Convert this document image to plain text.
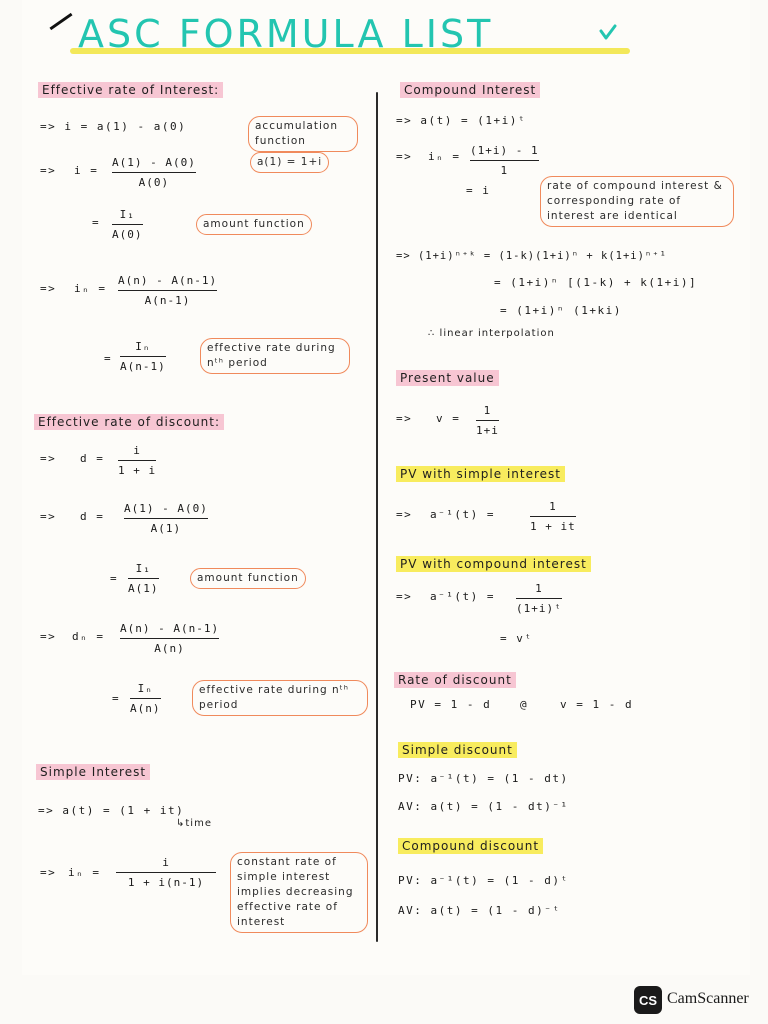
ASC FORMULA LIST
Effective rate of Interest:
=> i = a(1) - a(0)	accumulation function
=> i =
A(1) - A(0)
A(0)
a(1) = 1+i
=
I₁
A(0)
amount function
=> iₙ =
A(n) - A(n-1)
A(n-1)
=
Iₙ
A(n-1)
effective rate during nᵗʰ period
Effective rate of discount:
=> d =
i
1 + i
=> d =
A(1) - A(0)
A(1)
=
I₁
A(1)
amount function
=> dₙ =
A(n) - A(n-1)
A(n)
=
Iₙ
A(n)
effective rate during nᵗʰ period
Simple Interest
=> a(t) = (1 + it)
↳time
=> iₙ =
i
1 + i(n-1)
constant rate of simple interest implies decreasing effective rate of interest
Compound Interest
=> a(t) = (1+i)ᵗ
=> iₙ = (1+i) - 1
1
= i	rate of compound interest & corresponding rate of interest are identical
=> (1+i)ⁿ⁺ᵏ = (1-k)(1+i)ⁿ + k(1+i)ⁿ⁺¹
= (1+i)ⁿ [(1-k) + k(1+i)]
= (1+i)ⁿ (1+ki)
∴ linear interpolation
Present value
=> v =
1
1+i
PV with simple interest
=> a⁻¹(t) =
1
1 + it
PV with compound interest
=> a⁻¹(t) =
1
(1+i)ᵗ
= vᵗ
Rate of discount
PV = 1 - d	@	v = 1 - d
Simple discount
PV: a⁻¹(t) = (1 - dt)
AV: a(t) = (1 - dt)⁻¹
Compound discount
PV: a⁻¹(t) = (1 - d)ᵗ
AV: a(t) = (1 - d)⁻ᵗ
CS CamScanner
